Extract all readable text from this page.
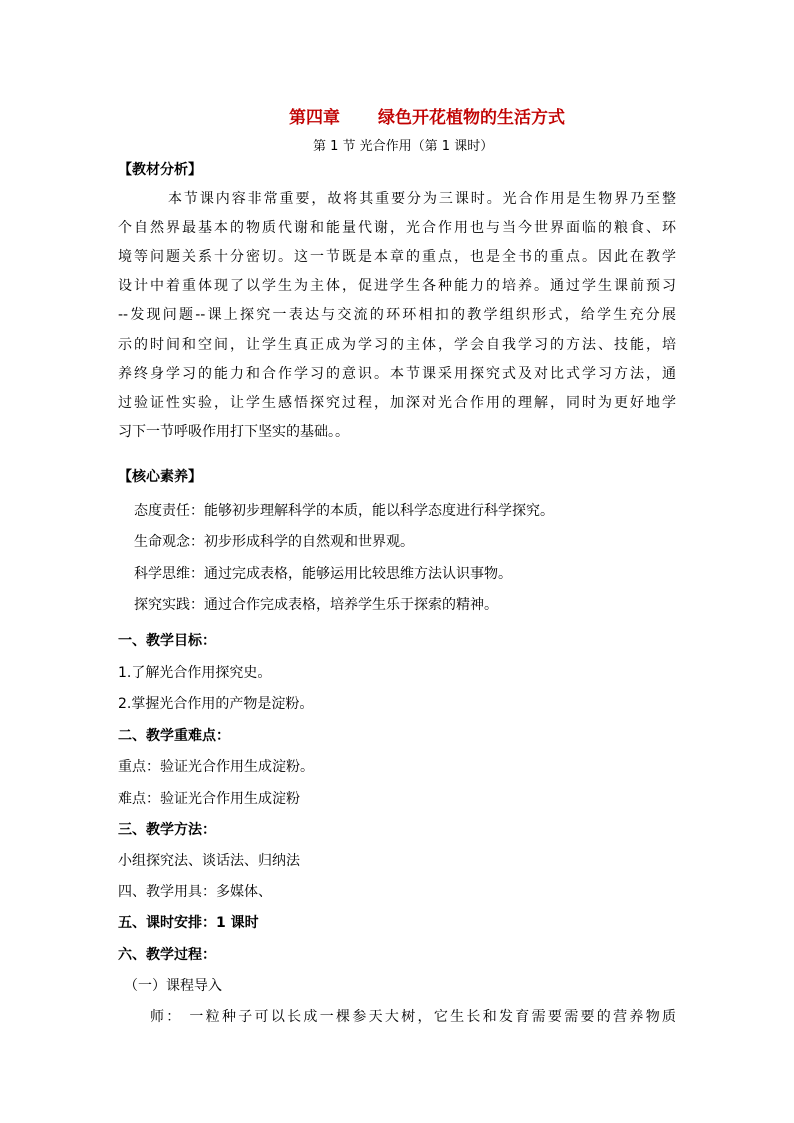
第四章 绿色开花植物的生活方式
第 1 节 光合作用（第 1 课时）
【教材分析】
本节课内容非常重要，故将其重要分为三课时。光合作用是生物界乃至整
个自然界最基本的物质代谢和能量代谢，光合作用也与当今世界面临的粮食、环
境等问题关系十分密切。这一节既是本章的重点，也是全书的重点。因此在教学
设计中着重体现了以学生为主体，促进学生各种能力的培养。通过学生课前预习
--发现问题--课上探究一表达与交流的环环相扣的教学组织形式，给学生充分展
示的时间和空间，让学生真正成为学习的主体，学会自我学习的方法、技能，培
养终身学习的能力和合作学习的意识。本节课采用探究式及对比式学习方法，通
过验证性实验，让学生感悟探究过程，加深对光合作用的理解，同时为更好地学
习下一节呼吸作用打下坚实的基础。。
【核心素养】
态度责任：能够初步理解科学的本质，能以科学态度进行科学探究。
生命观念：初步形成科学的自然观和世界观。
科学思维：通过完成表格，能够运用比较思维方法认识事物。
探究实践：通过合作完成表格，培养学生乐于探索的精神。
一、教学目标：
1.了解光合作用探究史。
2.掌握光合作用的产物是淀粉。
二、教学重难点：
重点：验证光合作用生成淀粉。
难点：验证光合作用生成淀粉
三、教学方法：
小组探究法、谈话法、归纳法
四、教学用具：多媒体、
五、课时安排：1 课时
六、教学过程：
（一）课程导入
师： 一粒种子可以长成一棵参天大树，它生长和发育需要需要的营养物质
